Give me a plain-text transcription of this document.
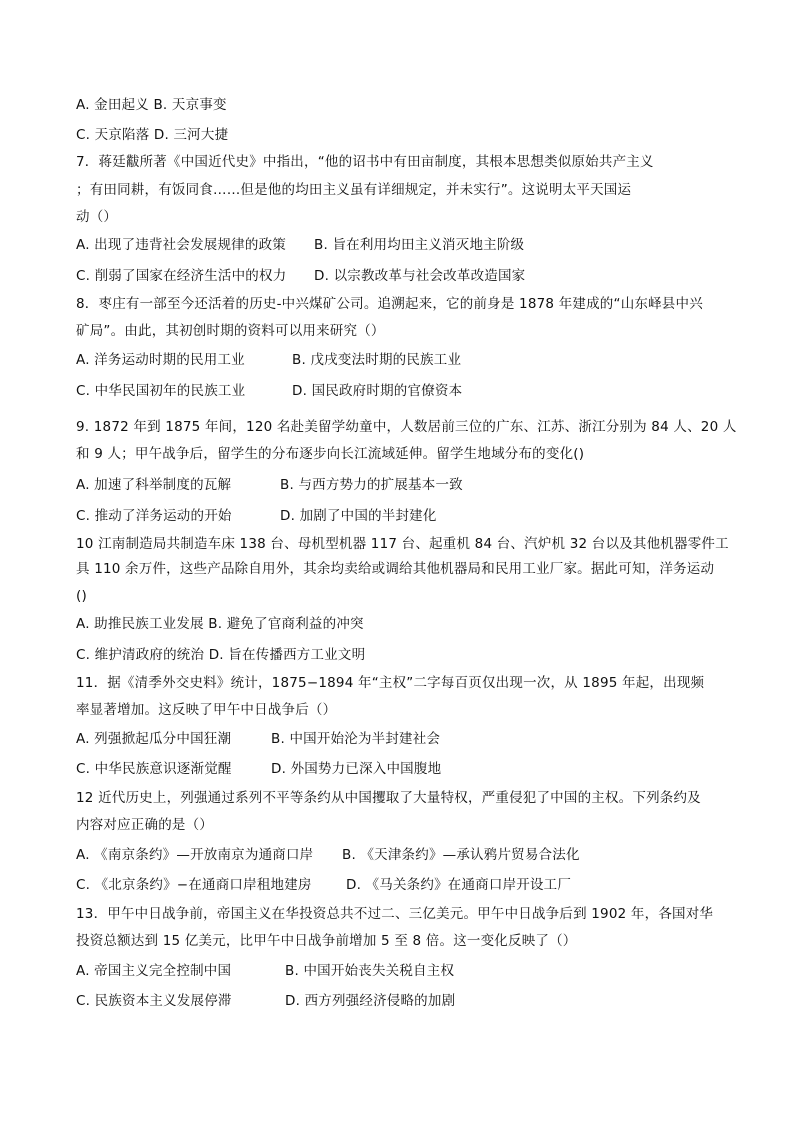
A. 金田起义 B. 天京事变
C. 天京陷落 D. 三河大捷
7．蒋廷黻所著《中国近代史》中指出，“他的诏书中有田亩制度，其根本思想类似原始共产主义
；有田同耕，有饭同食……但是他的均田主义虽有详细规定，并未实行”。这说明太平天国运
动（）
A. 出现了违背社会发展规律的政策 B. 旨在利用均田主义消灭地主阶级
C. 削弱了国家在经济生活中的权力 D. 以宗教改革与社会改革改造国家
8．枣庄有一部至今还活着的历史-中兴煤矿公司。追溯起来，它的前身是 1878 年建成的“山东峄县中兴
矿局”。由此，其初创时期的资料可以用来研究（）
A. 洋务运动时期的民用工业	B. 戊戌变法时期的民族工业
C. 中华民国初年的民族工业	D. 国民政府时期的官僚资本
9. 1872 年到 1875 年间，120 名赴美留学幼童中，人数居前三位的广东、江苏、浙江分别为 84 人、20 人
和 9 人；甲午战争后，留学生的分布逐步向长江流域延伸。留学生地域分布的变化()
A. 加速了科举制度的瓦解	B. 与西方势力的扩展基本一致
C. 推动了洋务运动的开始	D. 加剧了中国的半封建化
10 江南制造局共制造车床 138 台、母机型机器 117 台、起重机 84 台、汽炉机 32 台以及其他机器零件工
具 110 余万件，这些产品除自用外，其余均卖给或调给其他机器局和民用工业厂家。据此可知，洋务运动
()
A. 助推民族工业发展 B. 避免了官商利益的冲突
C. 维护清政府的统治 D. 旨在传播西方工业文明
11．据《清季外交史料》统计，1875−1894 年“主权”二字每百页仅出现一次，从 1895 年起，出现频
率显著增加。这反映了甲午中日战争后（）
A. 列强掀起瓜分中国狂潮	B. 中国开始沦为半封建社会
C. 中华民族意识逐渐觉醒	D. 外国势力已深入中国腹地
12 近代历史上，列强通过系列不平等条约从中国攫取了大量特权，严重侵犯了中国的主权。下列条约及
内容对应正确的是（）
A. 《南京条约》—开放南京为通商口岸 B. 《天津条约》—承认鸦片贸易合法化
C. 《北京条约》−在通商口岸租地建房	D. 《马关条约》在通商口岸开设工厂
13．甲午中日战争前，帝国主义在华投资总共不过二、三亿美元。甲午中日战争后到 1902 年，各国对华
投资总额达到 15 亿美元，比甲午中日战争前增加 5 至 8 倍。这一变化反映了（）
A. 帝国主义完全控制中国	B. 中国开始丧失关税自主权
C. 民族资本主义发展停滞	D. 西方列强经济侵略的加剧
